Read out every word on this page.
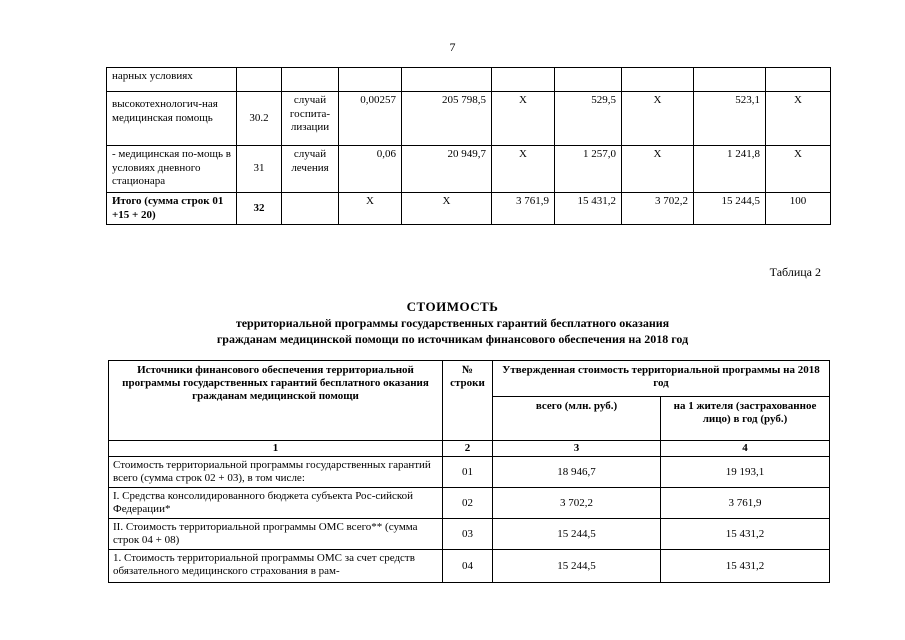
7
нарных условиях									
высокотехнологич-ная медицинская помощь	30.2	случай госпита-лизации	0,00257	205 798,5	Х	529,5	Х	523,1	Х
- медицинская по-мощь в условиях дневного стационара	31	случай лечения	0,06	20 949,7	Х	1 257,0	Х	1 241,8	Х
Итого (сумма строк 01 +15 + 20)	32		Х	Х	3 761,9	15 431,2	3 702,2	15 244,5	100
Таблица 2
СТОИМОСТЬ
территориальной программы государственных гарантий бесплатного оказания
гражданам медицинской помощи по источникам финансового обеспечения на 2018 год
Источники финансового обеспечения территориальной программы государственных гарантий бесплатного оказания гражданам медицинской помощи	№ строки	Утвержденная стоимость территориальной программы на 2018 год	
		всего (млн. руб.)	на 1 жителя (застрахованное лицо) в год (руб.)
1	2	3	4
Стоимость территориальной программы государственных гарантий всего (сумма строк 02 + 03), в том числе:	01	18 946,7	19 193,1
I. Средства консолидированного бюджета субъекта Рос-сийской Федерации*	02	3 702,2	3 761,9
II. Стоимость территориальной программы ОМС всего** (сумма строк 04 + 08)	03	15 244,5	15 431,2
1. Стоимость территориальной программы ОМС за счет средств обязательного медицинского страхования в рам-	04	15 244,5	15 431,2
